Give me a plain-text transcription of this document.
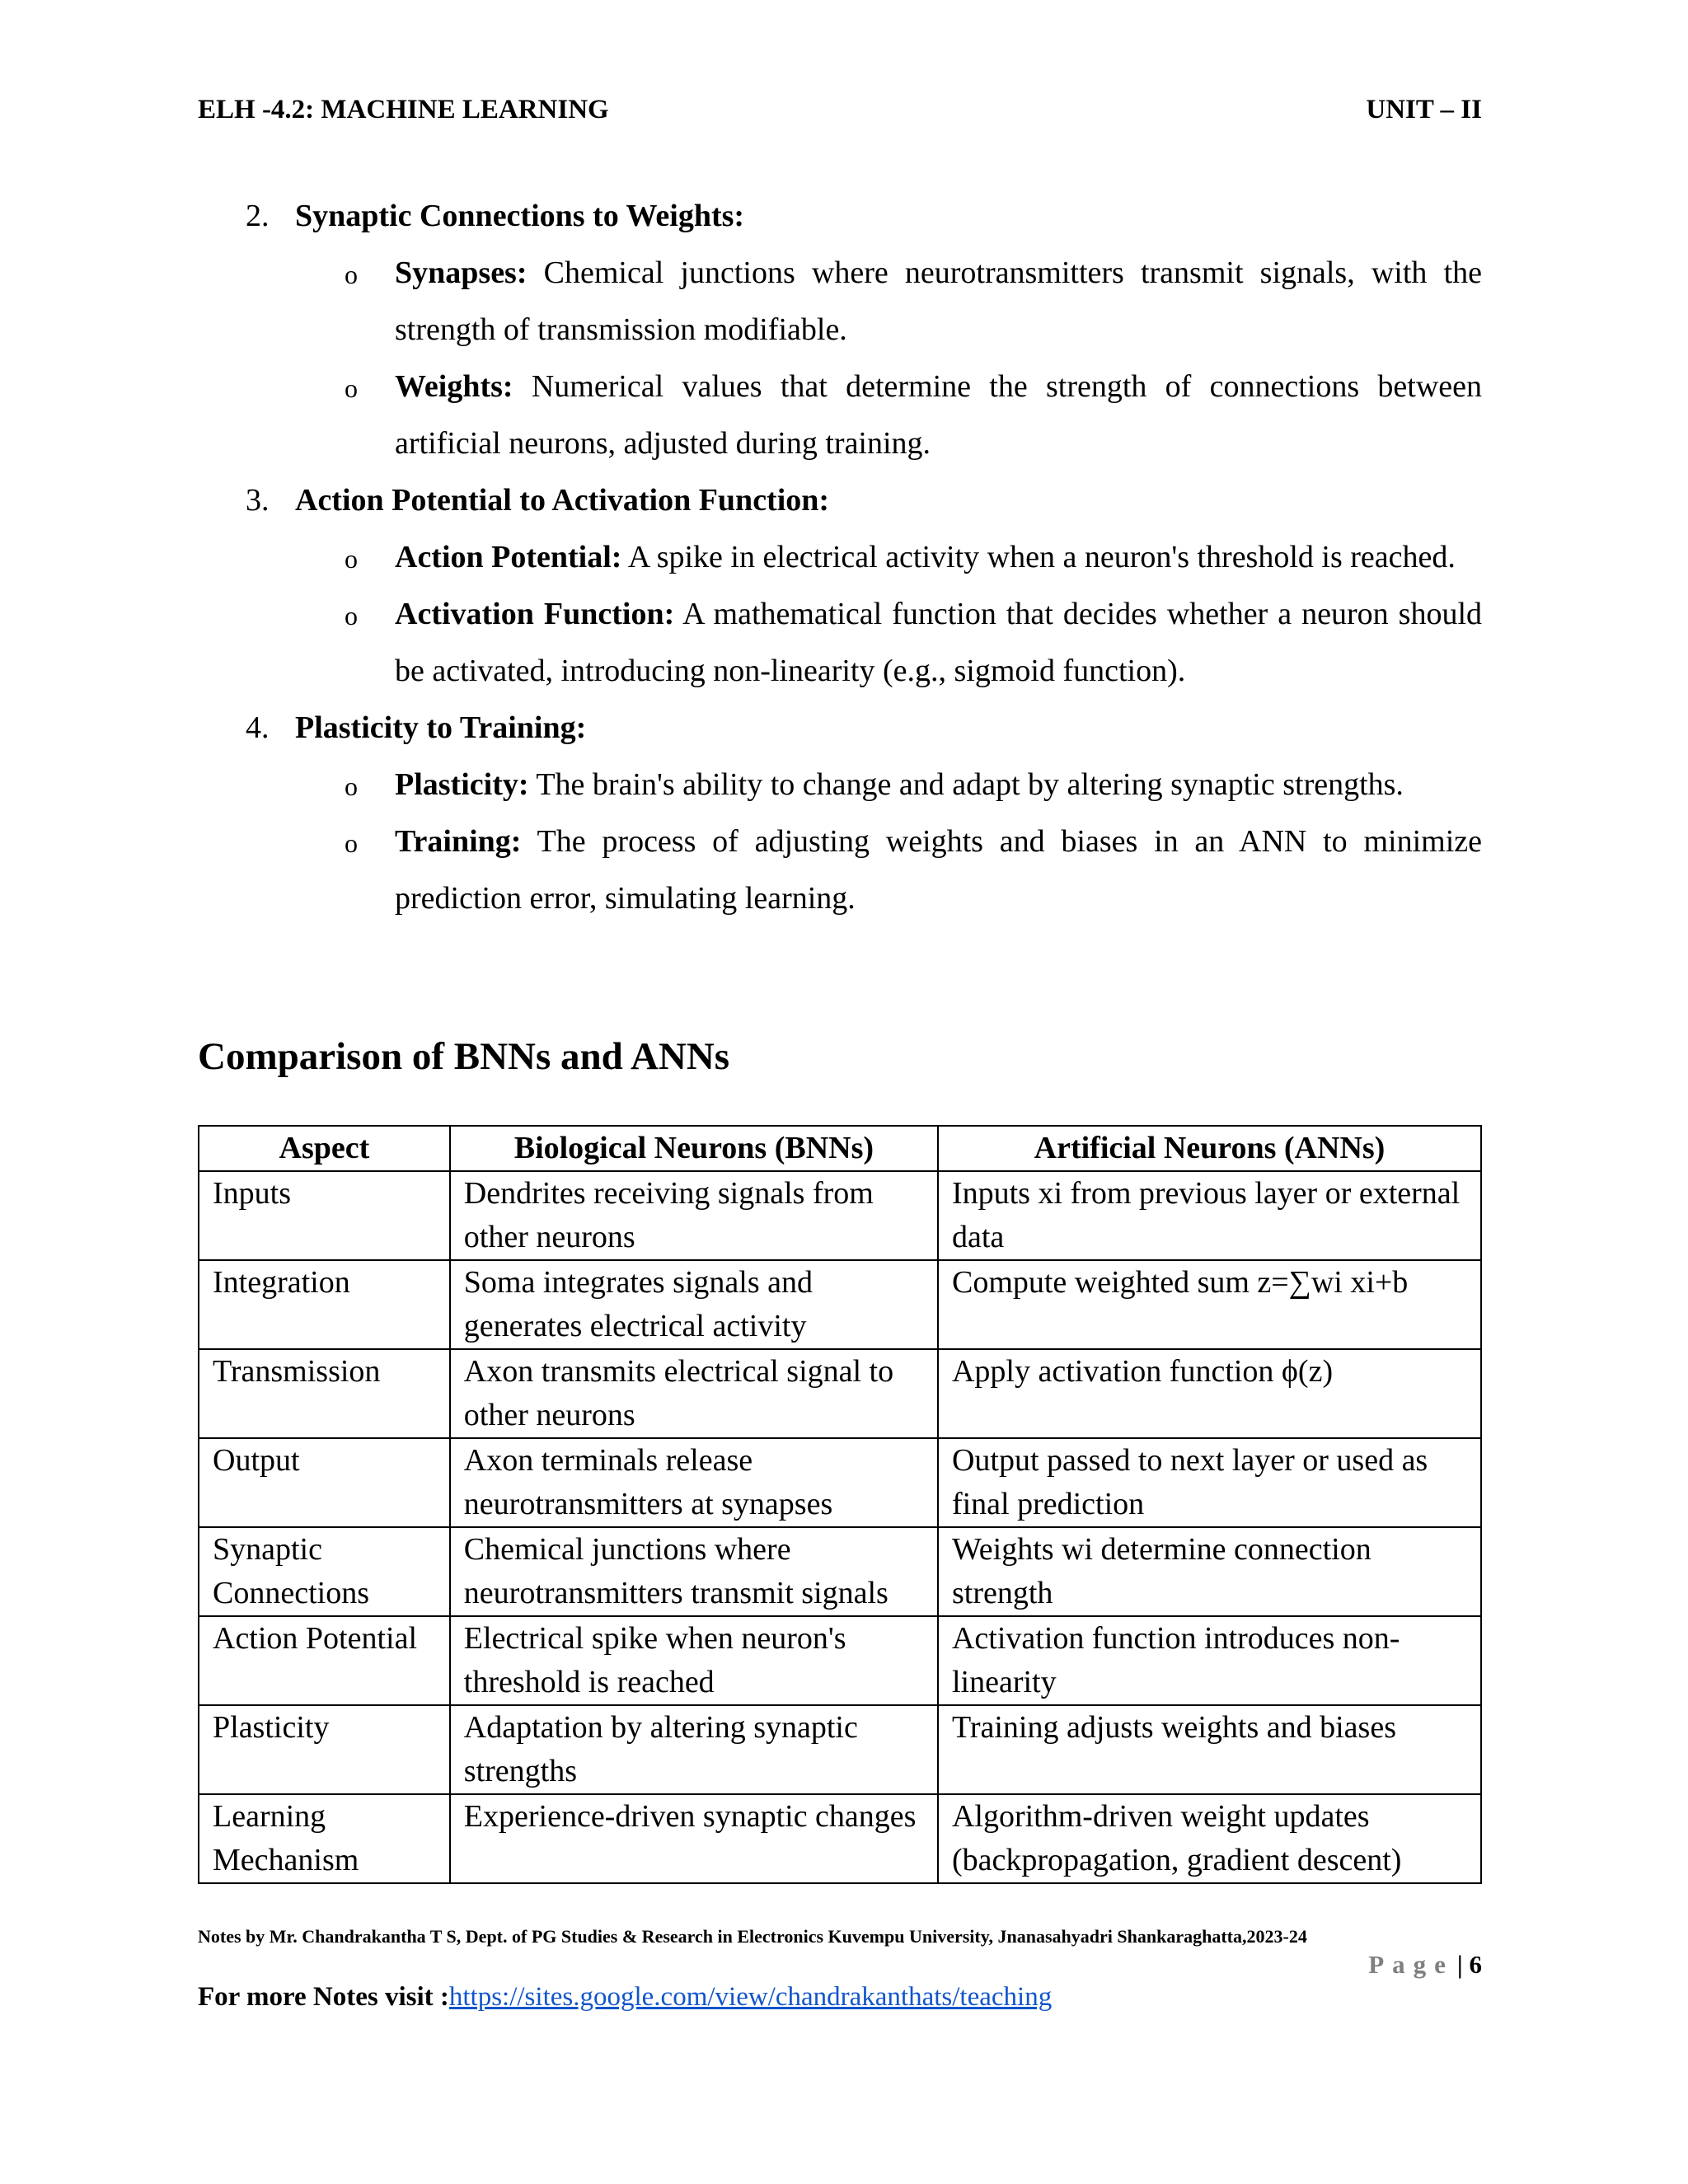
ELH -4.2: MACHINE LEARNING	UNIT – II
2. Synaptic Connections to Weights:
o Synapses: Chemical junctions where neurotransmitters transmit signals, with the strength of transmission modifiable.
o Weights: Numerical values that determine the strength of connections between artificial neurons, adjusted during training.
3. Action Potential to Activation Function:
o Action Potential: A spike in electrical activity when a neuron's threshold is reached.
o Activation Function: A mathematical function that decides whether a neuron should be activated, introducing non-linearity (e.g., sigmoid function).
4. Plasticity to Training:
o Plasticity: The brain's ability to change and adapt by altering synaptic strengths.
o Training: The process of adjusting weights and biases in an ANN to minimize prediction error, simulating learning.
Comparison of BNNs and ANNs
Aspect	Biological Neurons (BNNs)	Artificial Neurons (ANNs)
Inputs	Dendrites receiving signals from other neurons	Inputs xi from previous layer or external data
Integration	Soma integrates signals and generates electrical activity	Compute weighted sum z=∑wi xi+b
Transmission	Axon transmits electrical signal to other neurons	Apply activation function ϕ(z)
Output	Axon terminals release neurotransmitters at synapses	Output passed to next layer or used as final prediction
Synaptic Connections	Chemical junctions where neurotransmitters transmit signals	Weights wi determine connection strength
Action Potential	Electrical spike when neuron's threshold is reached	Activation function introduces non-linearity
Plasticity	Adaptation by altering synaptic strengths	Training adjusts weights and biases
Learning Mechanism	Experience-driven synaptic changes	Algorithm-driven weight updates (backpropagation, gradient descent)
Notes by Mr. Chandrakantha T S, Dept. of PG Studies & Research in Electronics Kuvempu University, Jnanasahyadri Shankaraghatta,2023-24
Page | 6
For more Notes visit :https://sites.google.com/view/chandrakanthats/teaching
